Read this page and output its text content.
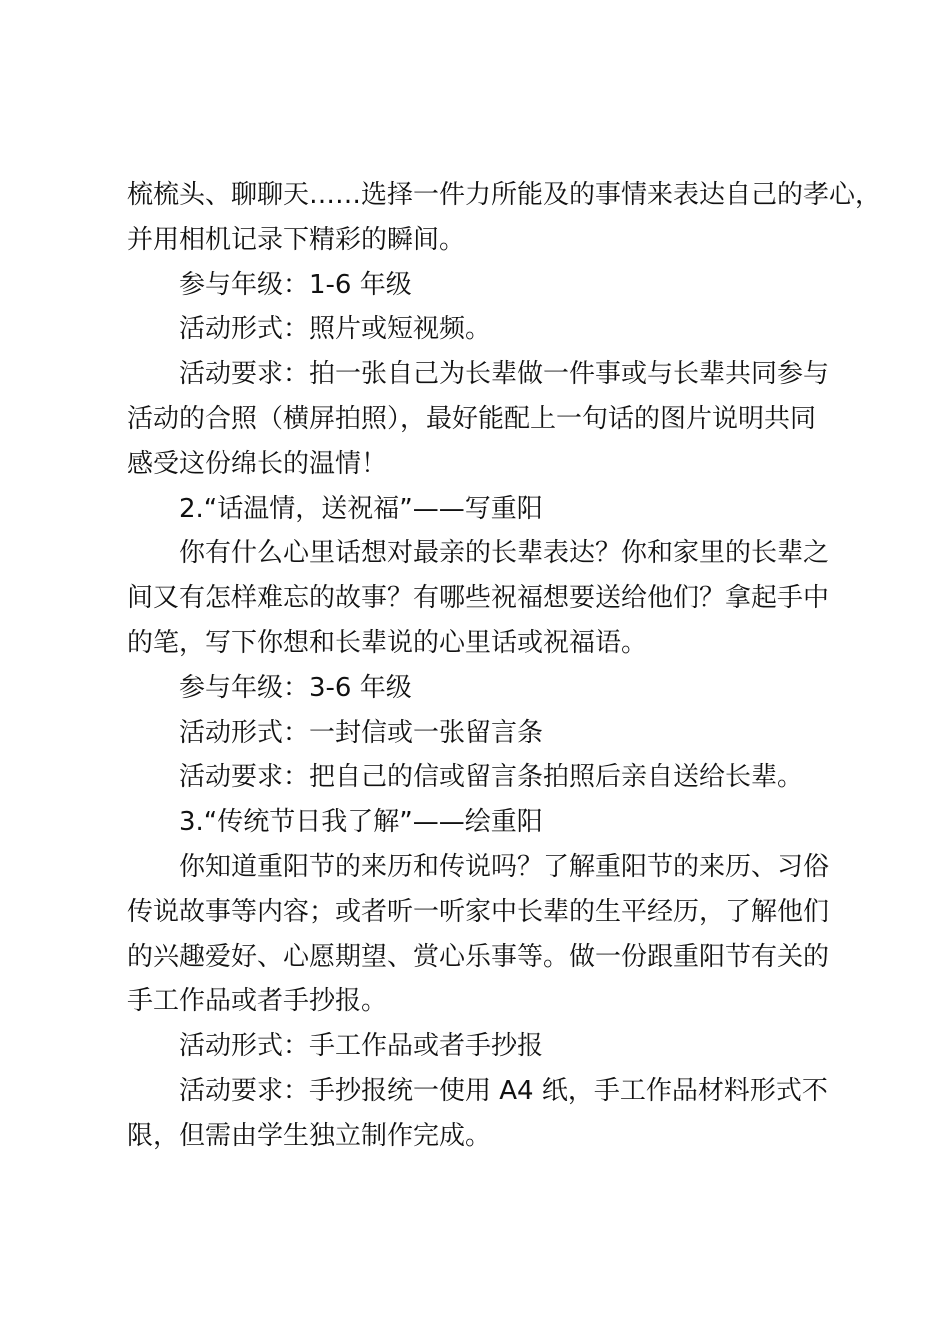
梳梳头、聊聊天……选择一件力所能及的事情来表达自己的孝心，

并用相机记录下精彩的瞬间。

参与年级：1-6 年级

活动形式：照片或短视频。

活动要求：拍一张自己为长辈做一件事或与长辈共同参与

活动的合照（横屏拍照），最好能配上一句话的图片说明共同

感受这份绵长的温情！

2.“话温情，送祝福”——写重阳

你有什么心里话想对最亲的长辈表达？你和家里的长辈之

间又有怎样难忘的故事？有哪些祝福想要送给他们？拿起手中

的笔，写下你想和长辈说的心里话或祝福语。

参与年级：3-6 年级

活动形式：一封信或一张留言条

活动要求：把自己的信或留言条拍照后亲自送给长辈。

3.“传统节日我了解”——绘重阳

你知道重阳节的来历和传说吗？了解重阳节的来历、习俗

传说故事等内容；或者听一听家中长辈的生平经历，了解他们

的兴趣爱好、心愿期望、赏心乐事等。做一份跟重阳节有关的

手工作品或者手抄报。

活动形式：手工作品或者手抄报

活动要求：手抄报统一使用 A4 纸，手工作品材料形式不

限，但需由学生独立制作完成。
